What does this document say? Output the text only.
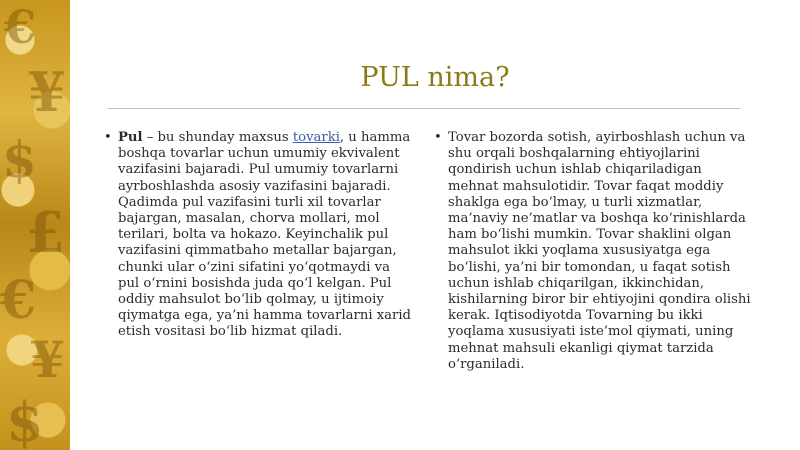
€
¥
$
£
€
¥
$
PUL nima?
• Pul – bu shunday maxsus tovarki, u hamma boshqa tovarlar uchun umumiy ekvivalent vazifasini bajaradi. Pul umumiy tovarlarni ayrboshlashda asosiy vazifasini bajaradi. Qadimda pul vazifasini turli xil tovarlar bajargan, masalan, chorva mollari, mol terilari, bolta va hokazo. Keyinchalik pul vazifasini qimmatbaho metallar bajargan, chunki ular o‘zini sifatini yo‘qotmaydi va pul o‘rnini bosishda juda qo‘l kelgan. Pul oddiy mahsulot bo‘lib qolmay, u ijtimoiy qiymatga ega, ya’ni hamma tovarlarni xarid etish vositasi bo‘lib hizmat qiladi.
• Tovar bozorda sotish, ayirboshlash uchun va shu orqali boshqalarning ehtiyojlarini qondirish uchun ishlab chiqariladigan mehnat mahsulotidir. Tovar faqat moddiy shaklga ega bo‘lmay, u turli xizmatlar, ma’naviy ne’matlar va boshqa ko‘rinishlarda ham bo‘lishi mumkin. Tovar shaklini olgan mahsulot ikki yoqlama xususiyatga ega bo‘lishi, ya’ni bir tomondan, u faqat sotish uchun ishlab chiqarilgan, ikkinchidan, kishilarning biror bir ehtiyojini qondira olishi kerak. Iqtisodiyotda Tovarning bu ikki yoqlama xususiyati iste’mol qiymati, uning mehnat mahsuli ekanligi qiymat tarzida o‘rganiladi.
